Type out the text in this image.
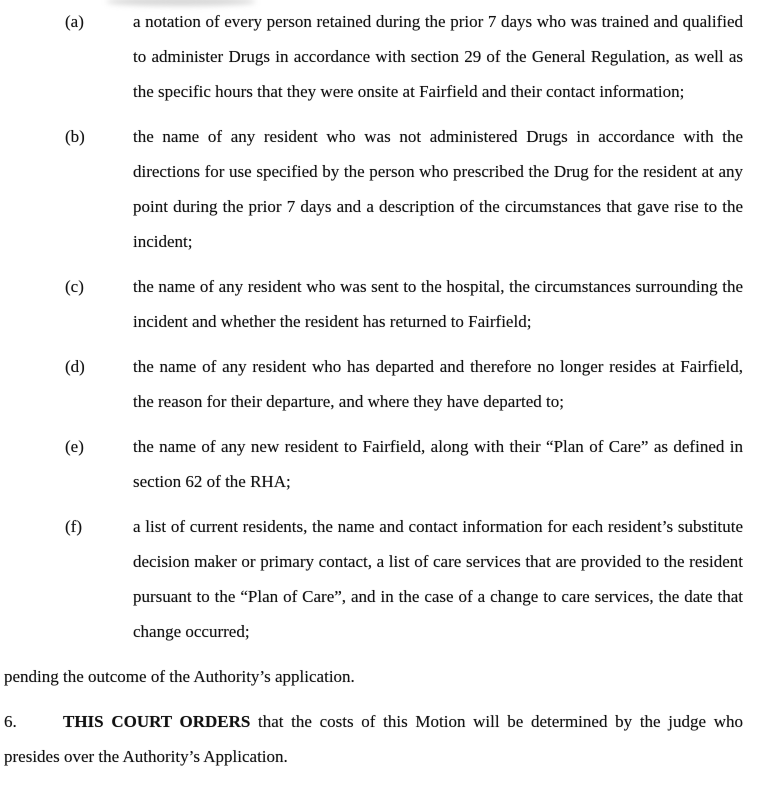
(a)	a notation of every person retained during the prior 7 days who was trained and qualified to administer Drugs in accordance with section 29 of the General Regulation, as well as the specific hours that they were onsite at Fairfield and their contact information;
(b)	the name of any resident who was not administered Drugs in accordance with the directions for use specified by the person who prescribed the Drug for the resident at any point during the prior 7 days and a description of the circumstances that gave rise to the incident;
(c)	the name of any resident who was sent to the hospital, the circumstances surrounding the incident and whether the resident has returned to Fairfield;
(d)	the name of any resident who has departed and therefore no longer resides at Fairfield, the reason for their departure, and where they have departed to;
(e)	the name of any new resident to Fairfield, along with their “Plan of Care” as defined in section 62 of the RHA;
(f)	a list of current residents, the name and contact information for each resident’s substitute decision maker or primary contact, a list of care services that are provided to the resident pursuant to the “Plan of Care”, and in the case of a change to care services, the date that change occurred;

pending the outcome of the Authority’s application.

6.	THIS COURT ORDERS that the costs of this Motion will be determined by the judge who presides over the Authority’s Application.
